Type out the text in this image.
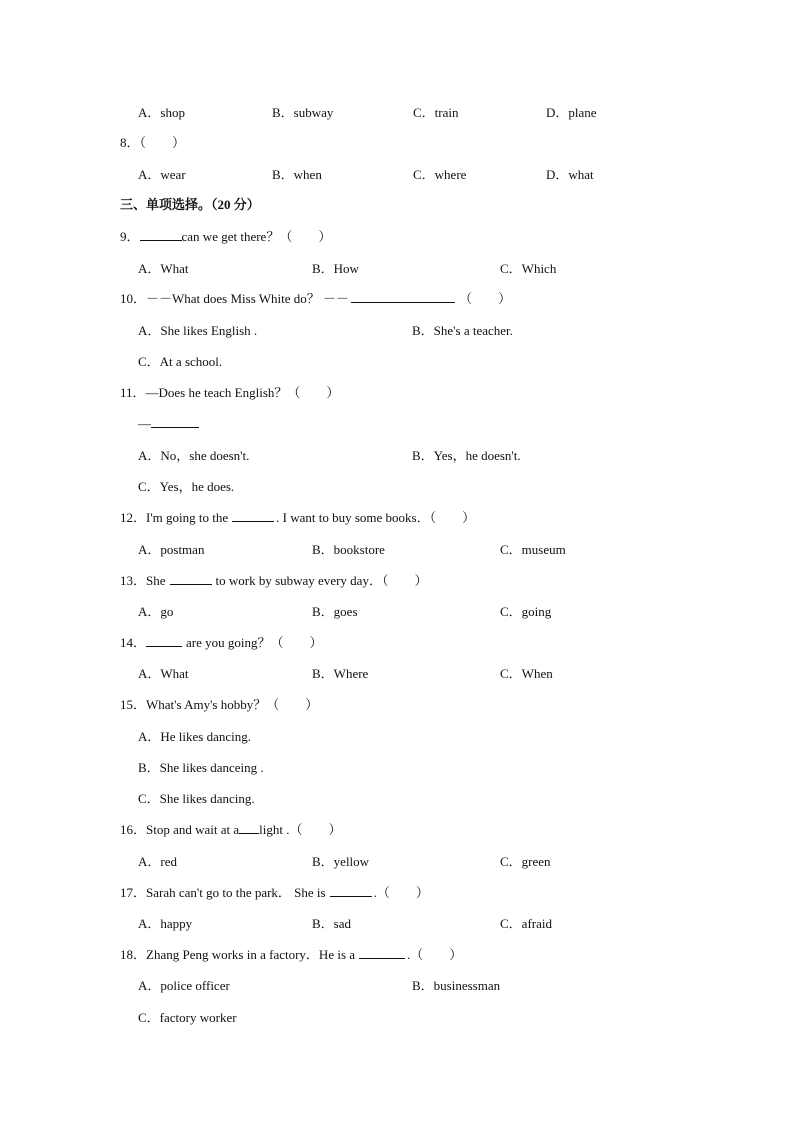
A．shop	B．subway	C．train	D．plane
8．（　　）
A．wear	B．when	C．where	D．what
三、单项选择。（20 分）
9．	can we get there？（　　）
A．What	B．How	C．Which
10．－－What does Miss White do？ －－	（　　）
A．She likes English .	B．She's a teacher.
C．At a school.
11．—Does he teach English？（　　）
—
A．No，she doesn't.	B．Yes，he doesn't.
C．Yes，he does.
12．I'm going to the	. I want to buy some books．（　　）
A．postman	B．bookstore	C．museum
13．She	to work by subway every day．（　　）
A．go	B．goes	C．going
14．	are you going？（　　）
A．What	B．Where	C．When
15．What's Amy's hobby？（　　）
A．He likes dancing.
B．She likes danceing .
C．She likes dancing.
16．Stop and wait at a light .（　　）
A．red	B．yellow	C．green
17．Sarah can't go to the park． She is	.（　　）
A．happy	B．sad	C．afraid
18．Zhang Peng works in a factory．He is a	.（　　）
A．police officer	B．businessman
C．factory worker
